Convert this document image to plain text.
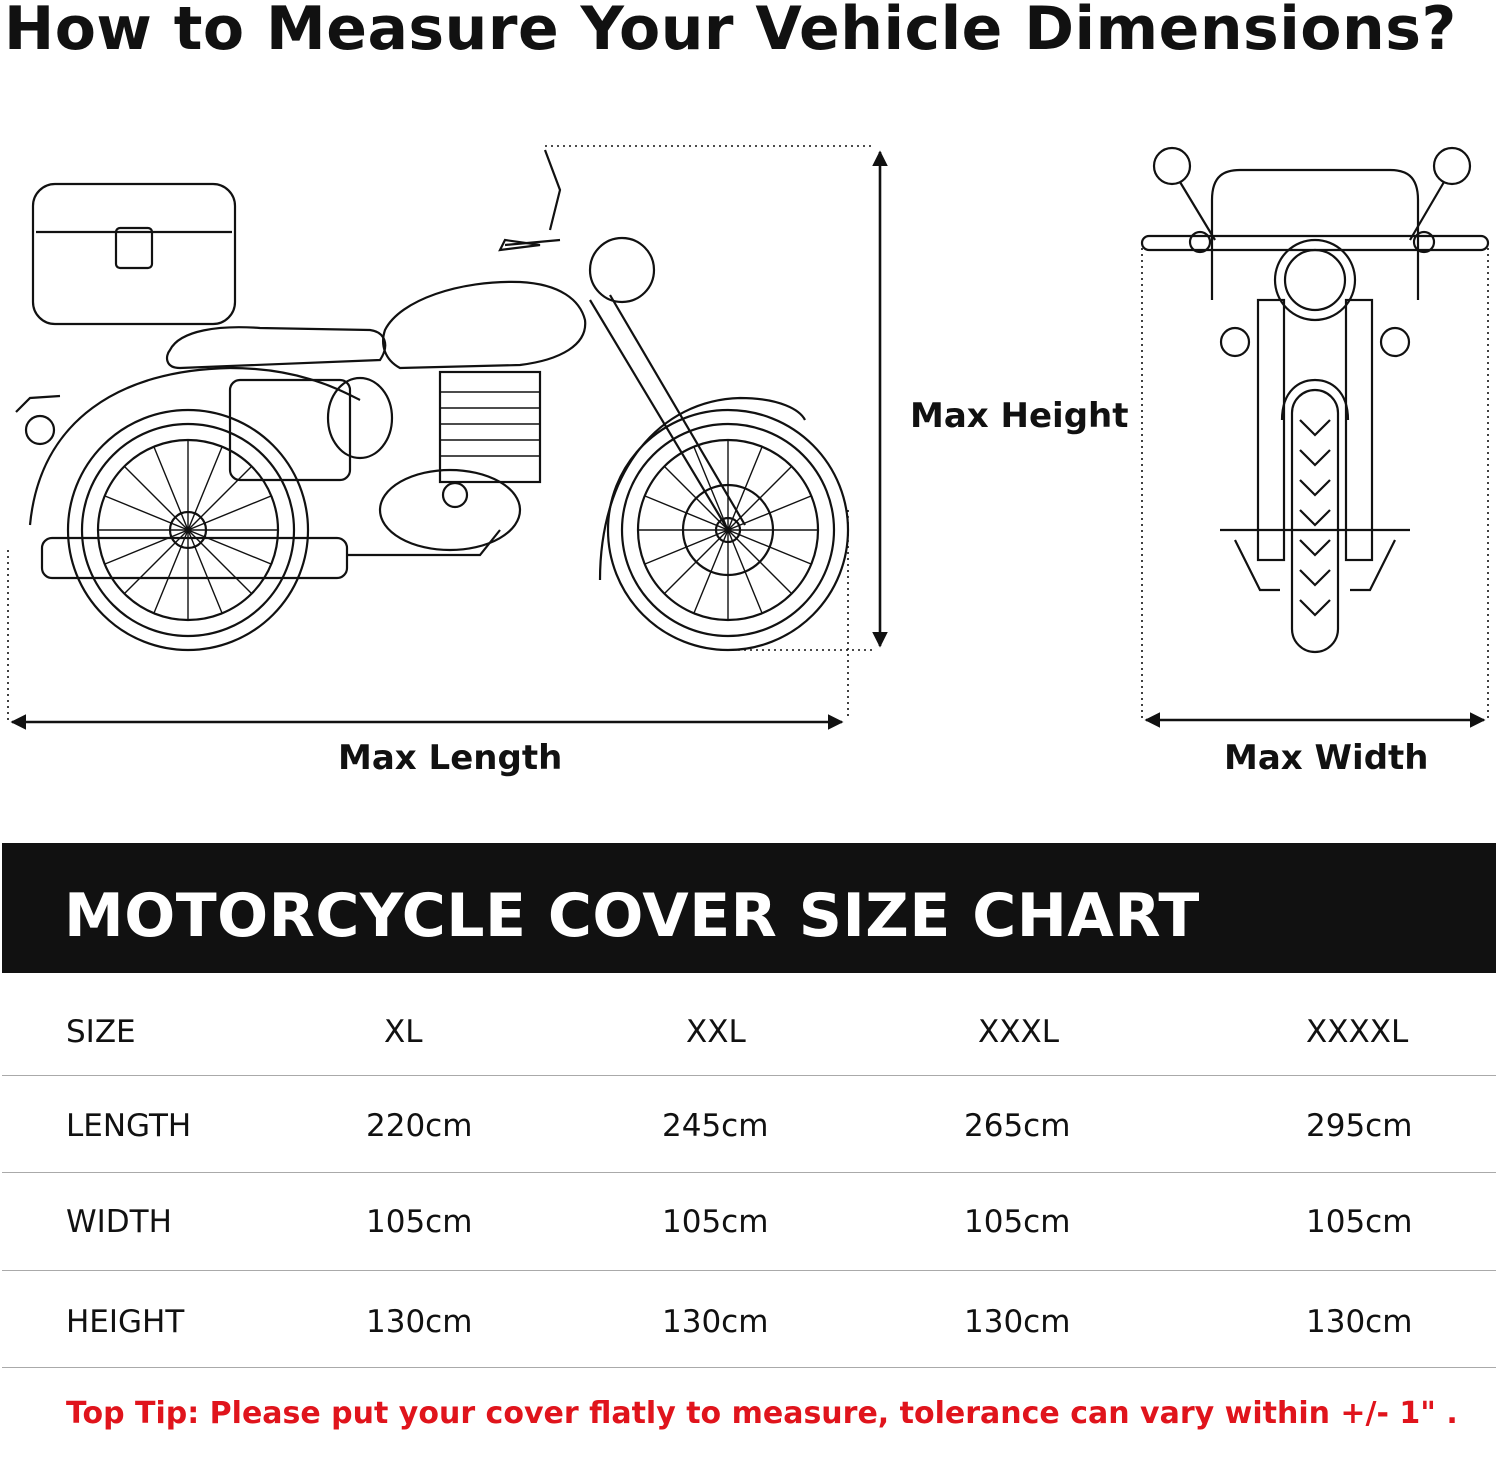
How to Measure Your Vehicle Dimensions?
Max Height
Max Length	Max Width
MOTORCYCLE COVER SIZE CHART
SIZE	XL	XXL	XXXL	XXXXL
LENGTH	220cm	245cm	265cm	295cm
WIDTH	105cm	105cm	105cm	105cm
HEIGHT	130cm	130cm	130cm	130cm
Top Tip: Please put your cover flatly to measure, tolerance can vary within +/- 1" .
